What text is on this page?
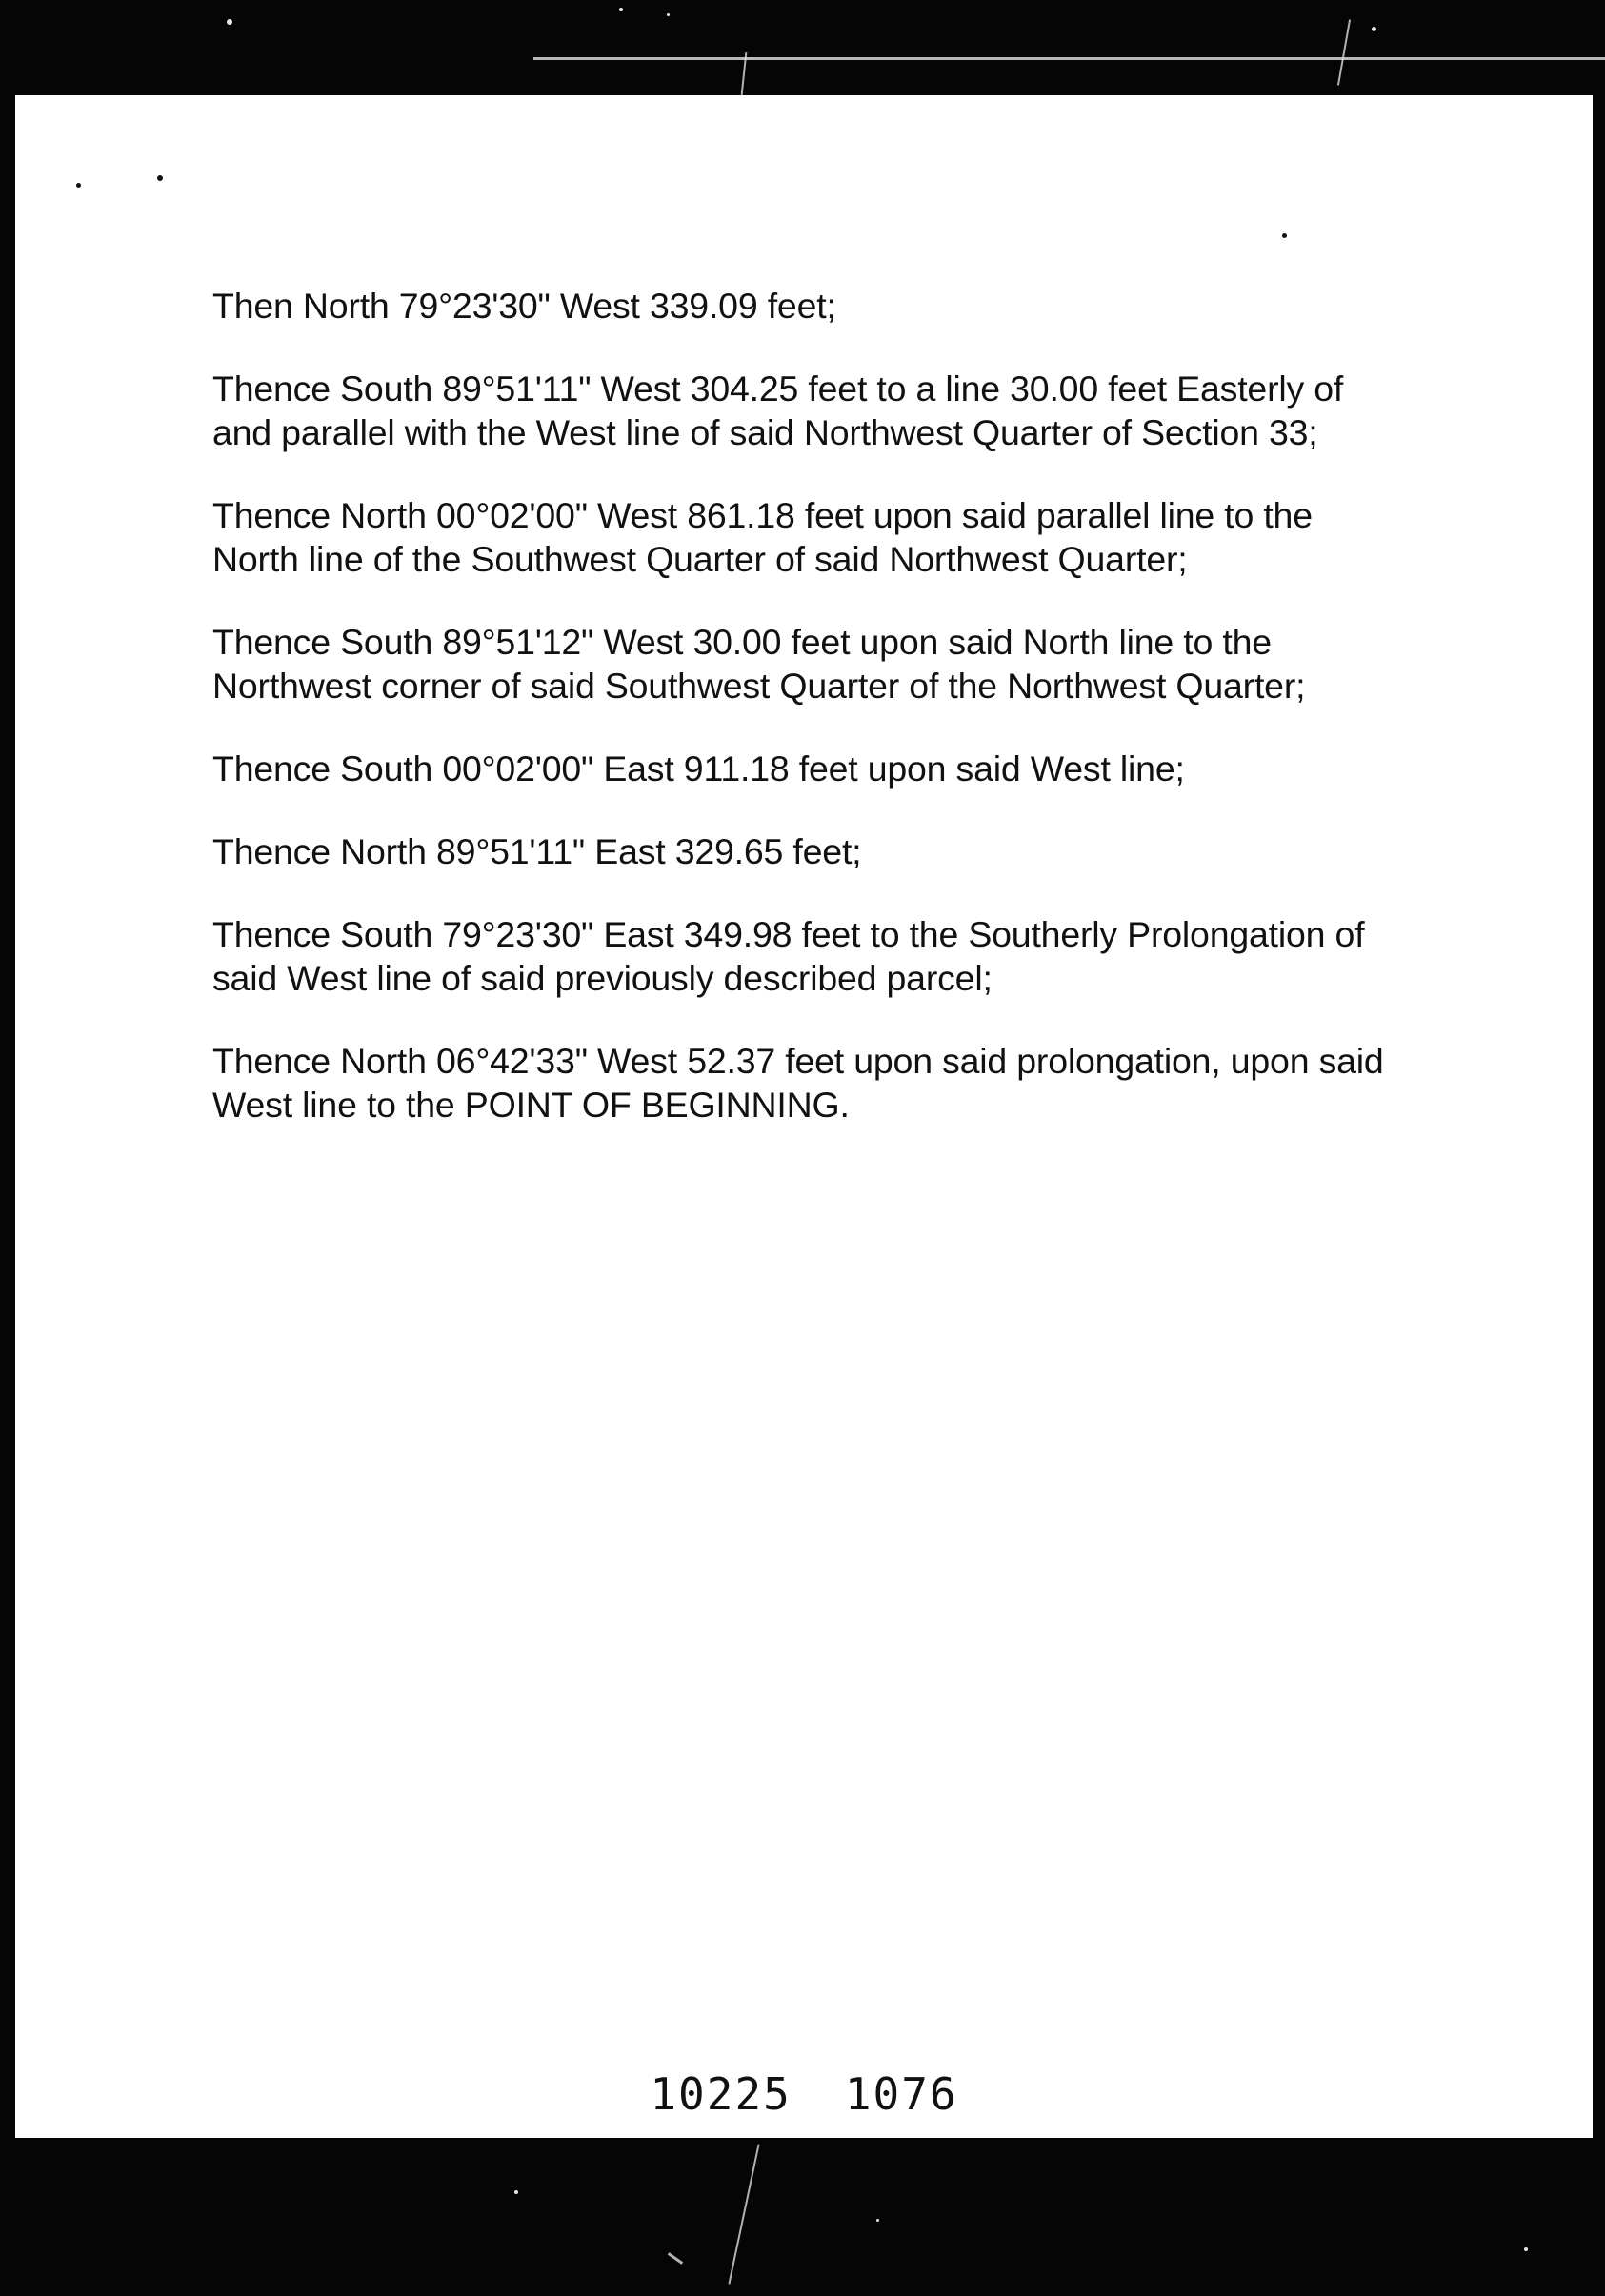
Then North 79°23'30" West 339.09 feet;

Thence South 89°51'11" West 304.25 feet to a line 30.00 feet Easterly of
and parallel with the West line of said Northwest Quarter of Section 33;

Thence North 00°02'00" West 861.18 feet upon said parallel line to the
North line of the Southwest Quarter of said Northwest Quarter;

Thence South 89°51'12" West 30.00 feet upon said North line to the
Northwest corner of said Southwest Quarter of the Northwest Quarter;

Thence South 00°02'00" East 911.18 feet upon said West line;

Thence North 89°51'11" East 329.65 feet;

Thence South 79°23'30" East 349.98 feet to the Southerly Prolongation of
said West line of said previously described parcel;

Thence North 06°42'33" West 52.37 feet upon said prolongation, upon said
West line to the POINT OF BEGINNING.

10225 1076
